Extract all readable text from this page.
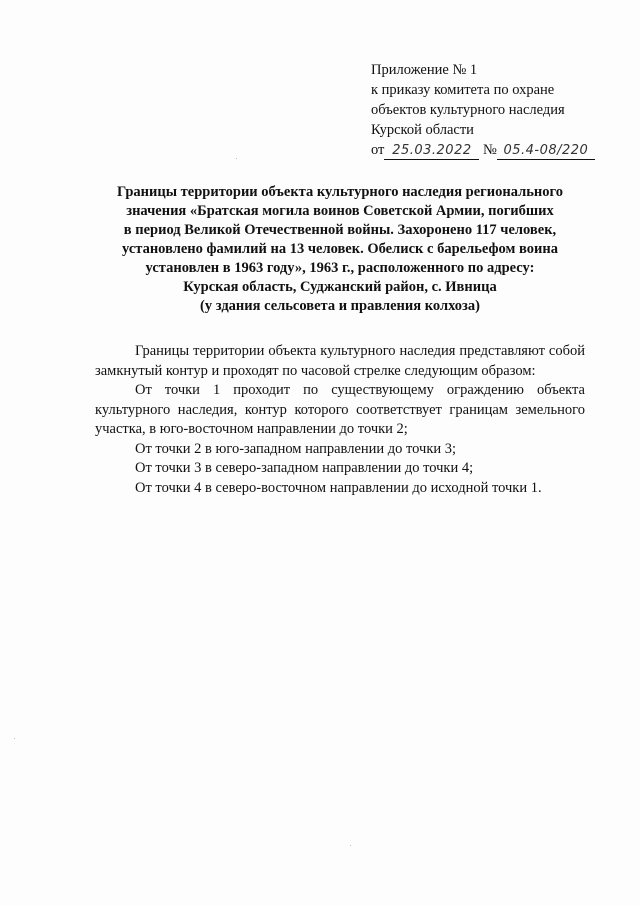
Приложение № 1
к приказу комитета по охране
объектов культурного наследия
Курской области
от 25.03.2022 № 05.4-08/220
Границы территории объекта культурного наследия регионального
значения «Братская могила воинов Советской Армии, погибших
в период Великой Отечественной войны. Захоронено 117 человек,
установлено фамилий на 13 человек. Обелиск с барельефом воина
установлен в 1963 году», 1963 г., расположенного по адресу:
Курская область, Суджанский район, с. Ивница
(у здания сельсовета и правления колхоза)

Границы территории объекта культурного наследия представляют собой замкнутый контур и проходят по часовой стрелке следующим образом:

От точки 1 проходит по существующему ограждению объекта культурного наследия, контур которого соответствует границам земельного участка, в юго-восточном направлении до точки 2;

От точки 2 в юго-западном направлении до точки 3;

От точки 3 в северо-западном направлении до точки 4;

От точки 4 в северо-восточном направлении до исходной точки 1.
